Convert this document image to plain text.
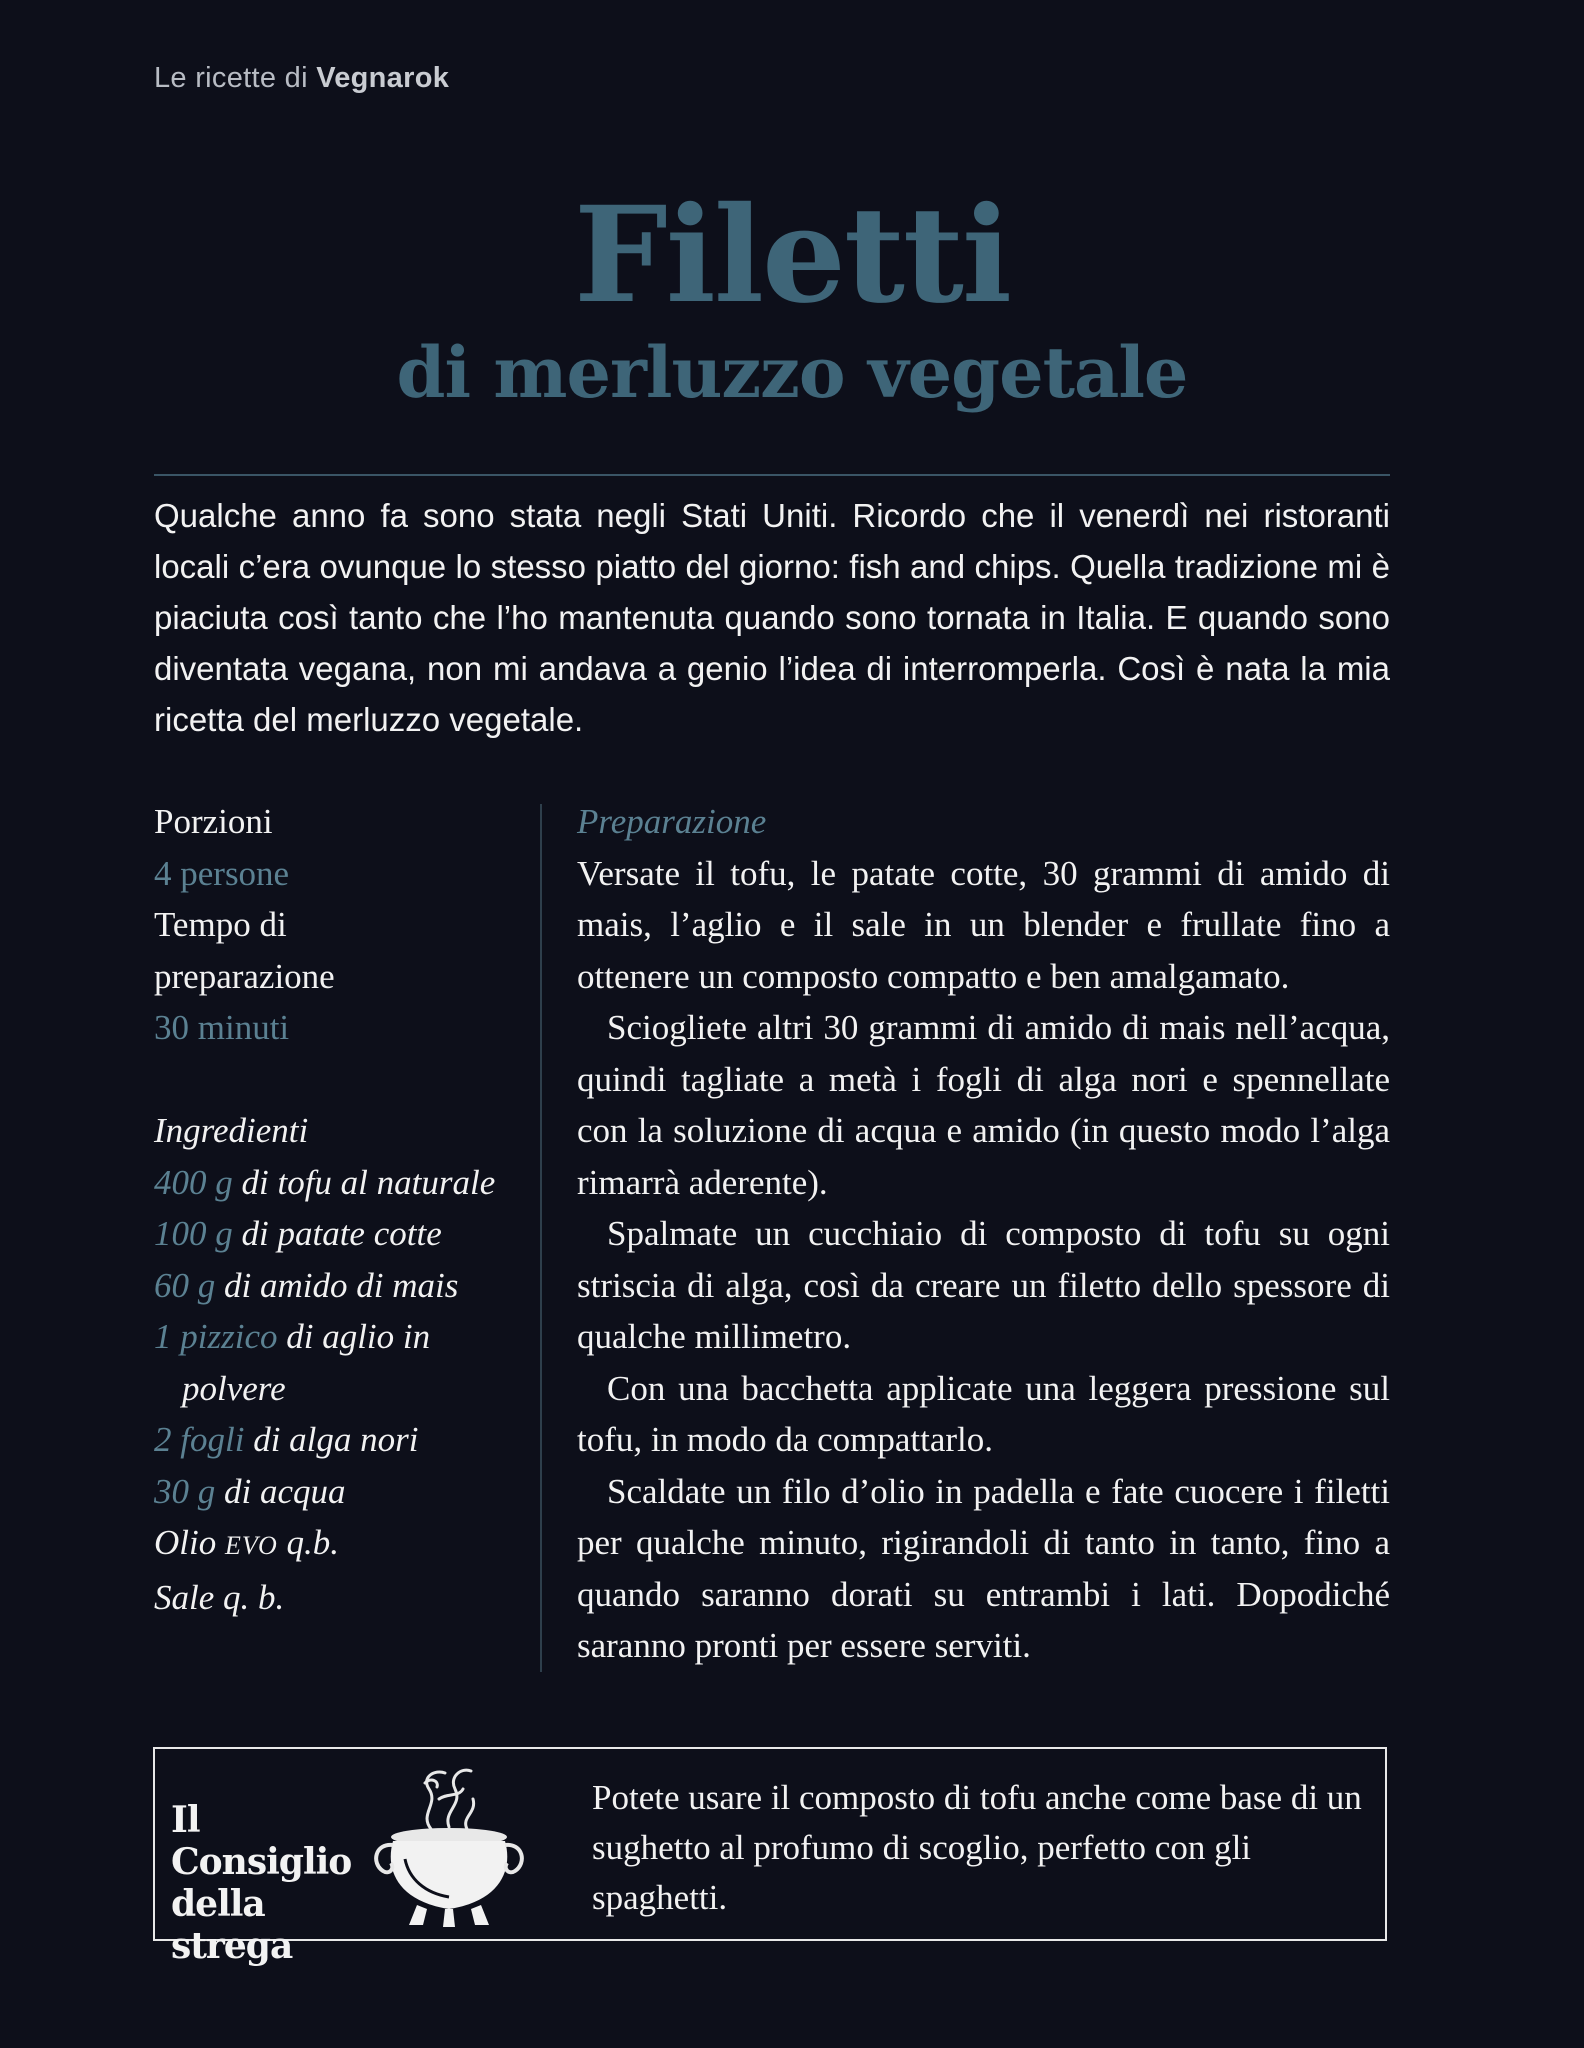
Le ricette di Vegnarok
Filetti
di merluzzo vegetale
Qualche anno fa sono stata negli Stati Uniti. Ricordo che il venerdì nei ristoranti locali c’era ovunque lo stesso piatto del giorno: fish and chips. Quella tradizione mi è piaciuta così tanto che l’ho mantenuta quando sono tornata in Italia. E quando sono diventata vegana, non mi andava a genio l’idea di interromperla. Così è nata la mia ricetta del merluzzo vegetale.
Porzioni
4 persone
Tempo di
preparazione
30 minuti
Ingredienti
400 g di tofu al naturale
100 g di patate cotte
60 g di amido di mais
1 pizzico di aglio in polvere
2 fogli di alga nori
30 g di acqua
Olio EVO q.b.
Sale q. b.
Preparazione

Versate il tofu, le patate cotte, 30 grammi di amido di mais, l’aglio e il sale in un blender e frullate fino a ottenere un composto compatto e ben amalgamato.

Sciogliete altri 30 grammi di amido di mais nell’acqua, quindi tagliate a metà i fogli di alga nori e spennellate con la soluzione di acqua e amido (in questo modo l’alga rimarrà aderente).

Spalmate un cucchiaio di composto di tofu su ogni striscia di alga, così da creare un filetto dello spessore di qualche millimetro.

Con una bacchetta applicate una leggera pressione sul tofu, in modo da compattarlo.

Scaldate un filo d’olio in padella e fate cuocere i filetti per qualche minuto, rigirandoli di tanto in tanto, fino a quando saranno dorati su entrambi i lati. Dopodiché saranno pronti per essere serviti.

Il Consiglio
della strega
Potete usare il composto di tofu anche come base di un sughetto al profumo di scoglio, perfetto con gli spaghetti.
